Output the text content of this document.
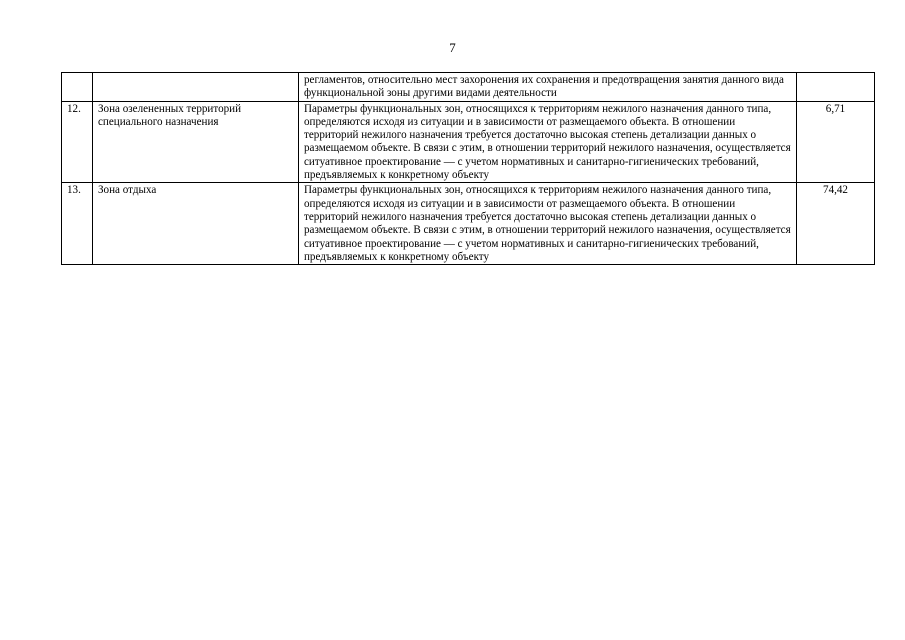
7
		регламентов, относительно мест захоронения их сохранения и предотвращения занятия данного вида функциональной зоны другими видами деятельности	
12.	Зона озелененных территорий специального назначения	Параметры функциональных зон, относящихся к территориям нежилого назначения данного типа, определяются исходя из ситуации и в зависимости от размещаемого объекта. В отношении территорий нежилого назначения требуется достаточно высокая степень детализации данных о размещаемом объекте. В связи с этим, в отношении территорий нежилого назначения, осуществляется ситуативное проектирование — с учетом нормативных и санитарно-гигиенических требований, предъявляемых к конкретному объекту	6,71
13.	Зона отдыха	Параметры функциональных зон, относящихся к территориям нежилого назначения данного типа, определяются исходя из ситуации и в зависимости от размещаемого объекта. В отношении территорий нежилого назначения требуется достаточно высокая степень детализации данных о размещаемом объекте. В связи с этим, в отношении территорий нежилого назначения, осуществляется ситуативное проектирование — с учетом нормативных и санитарно-гигиенических требований, предъявляемых к конкретному объекту	74,42
